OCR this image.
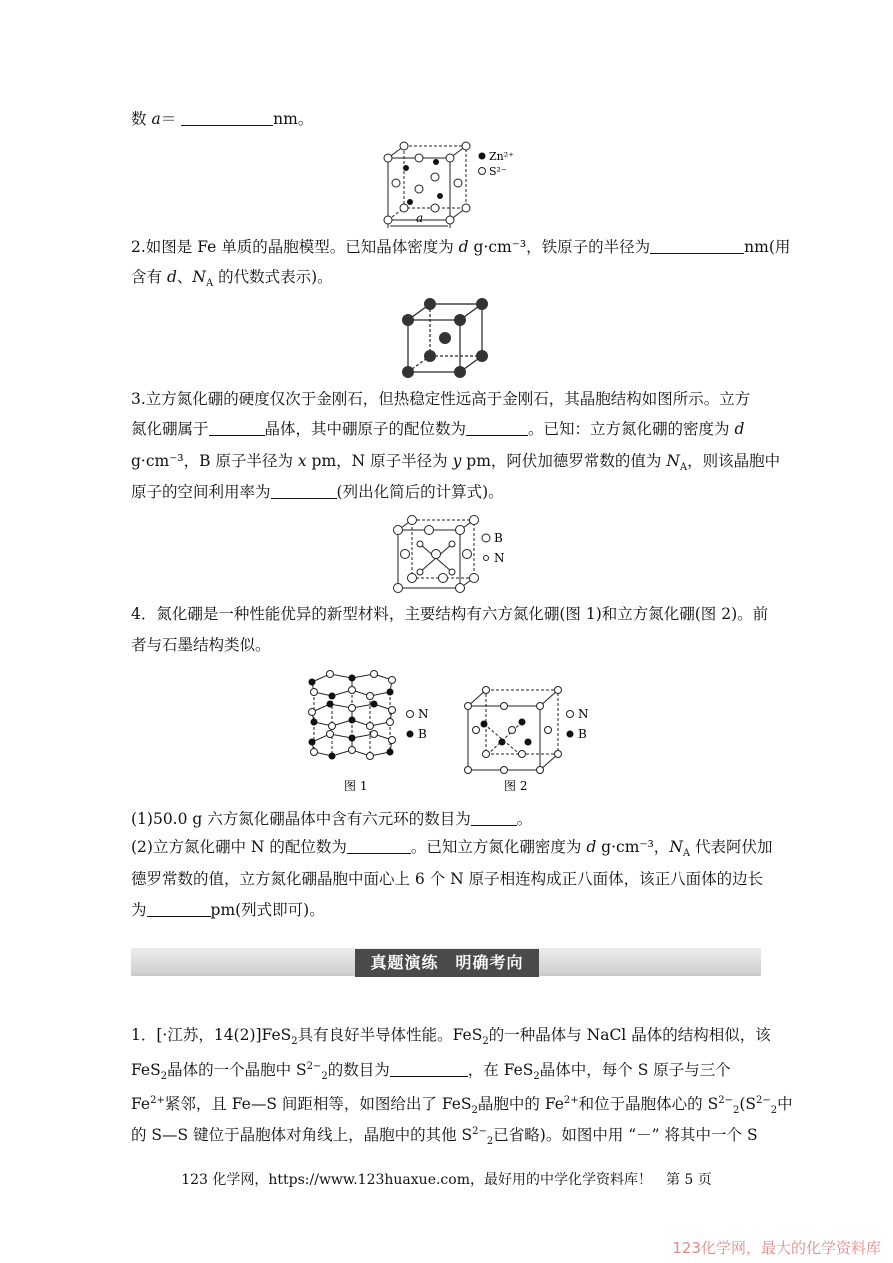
数 a＝	nm。
Zn²⁺
S²⁻
a
2.如图是 Fe 单质的晶胞模型。已知晶体密度为 d g·cm⁻³，铁原子的半径为	nm(用
含有 d、$N_A$ 的代数式表示)。
3.立方氮化硼的硬度仅次于金刚石，但热稳定性远高于金刚石，其晶胞结构如图所示。立方
氮化硼属于	晶体，其中硼原子的配位数为	。已知：立方氮化硼的密度为 d
g·cm⁻³，B 原子半径为 x pm，N 原子半径为 y pm，阿伏加德罗常数的值为 $N_A$，则该晶胞中
原子的空间利用率为	(列出化简后的计算式)。
B
N
4．氮化硼是一种性能优异的新型材料，主要结构有六方氮化硼(图 1)和立方氮化硼(图 2)。前
者与石墨结构类似。
N
B
图 1
N
B
图 2
(1)50.0 g 六方氮化硼晶体中含有六元环的数目为	。
(2)立方氮化硼中 N 的配位数为	。已知立方氮化硼密度为 d g·cm⁻³，$N_A$ 代表阿伏加
德罗常数的值，立方氮化硼晶胞中面心上 6 个 N 原子相连构成正八面体，该正八面体的边长
为	pm(列式即可)。
真题演练　明确考向
1．[·江苏，14(2)]FeS$_2$具有良好半导体性能。FeS$_2$的一种晶体与 NaCl 晶体的结构相似，该
FeS$_2$晶体的一个晶胞中 $S^{2-}_2$的数目为	，在 FeS$_2$晶体中，每个 S 原子与三个
$Fe^{2+}$紧邻，且 Fe—S 间距相等，如图给出了 FeS$_2$晶胞中的 $Fe^{2+}$和位于晶胞体心的 $S^{2-}_2(S^{2-}_2$中
的 S—S 键位于晶胞体对角线上，晶胞中的其他 $S^{2-}_2$已省略)。如图中用 “－” 将其中一个 S
123 化学网，https://www.123huaxue.com，最好用的中学化学资料库！　第 5 页
123化学网，最大的化学资料库
